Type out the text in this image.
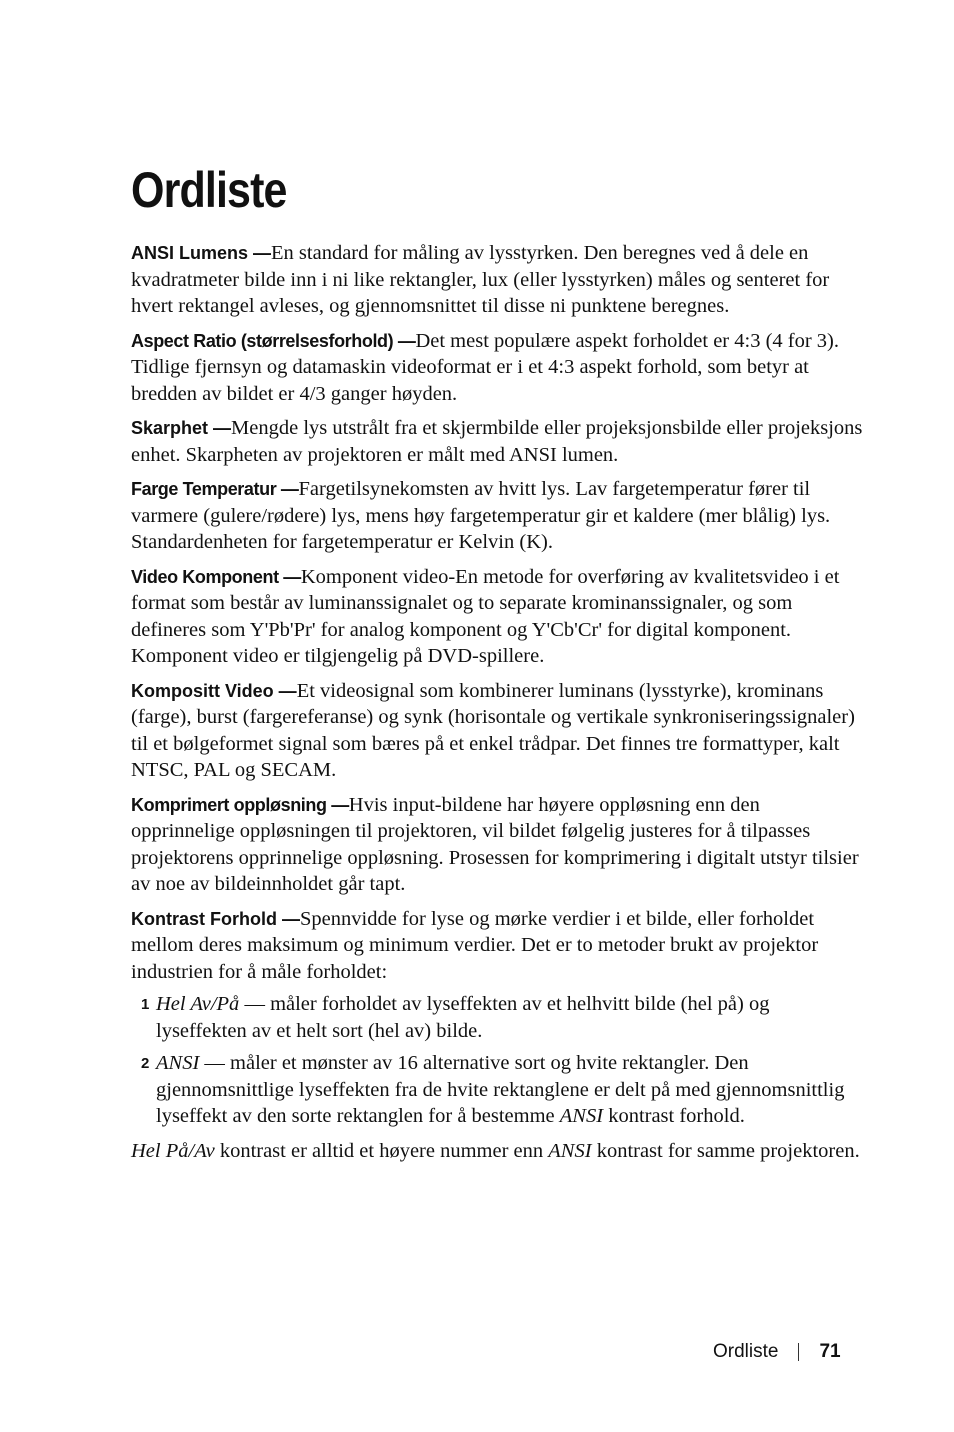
Ordliste

ANSI Lumens —En standard for måling av lysstyrken. Den beregnes ved å dele en kvadratmeter bilde inn i ni like rektangler, lux (eller lysstyrken) måles og senteret for hvert rektangel avleses, og gjennomsnittet til disse ni punktene beregnes.

Aspect Ratio (størrelsesforhold) —Det mest populære aspekt forholdet er 4:3 (4 for 3). Tidlige fjernsyn og datamaskin videoformat er i et 4:3 aspekt forhold, som betyr at bredden av bildet er 4/3 ganger høyden.

Skarphet —Mengde lys utstrålt fra et skjermbilde eller projeksjonsbilde eller projeksjons enhet. Skarpheten av projektoren er målt med ANSI lumen.

Farge Temperatur —Fargetilsynekomsten av hvitt lys. Lav fargetemperatur fører til varmere (gulere/rødere) lys, mens høy fargetemperatur gir et kaldere (mer blålig) lys. Standardenheten for fargetemperatur er Kelvin (K).

Video Komponent —Komponent video-En metode for overføring av kvalitetsvideo i et format som består av luminanssignalet og to separate krominanssignaler, og som defineres som Y'Pb'Pr' for analog komponent og Y'Cb'Cr' for digital komponent. Komponent video er tilgjengelig på DVD-spillere.

Kompositt Video —Et videosignal som kombinerer luminans (lysstyrke), krominans (farge), burst (fargereferanse) og synk (horisontale og vertikale synkroniseringssignaler) til et bølgeformet signal som bæres på et enkel trådpar. Det finnes tre formattyper, kalt NTSC, PAL og SECAM.

Komprimert oppløsning —Hvis input-bildene har høyere oppløsning enn den opprinnelige oppløsningen til projektoren, vil bildet følgelig justeres for å tilpasses projektorens opprinnelige oppløsning. Prosessen for komprimering i digitalt utstyr tilsier av noe av bildeinnholdet går tapt.

Kontrast Forhold —Spennvidde for lyse og mørke verdier i et bilde, eller forholdet mellom deres maksimum og minimum verdier. Det er to metoder brukt av projektor industrien for å måle forholdet:

1 Hel Av/På — måler forholdet av lyseffekten av et helhvitt bilde (hel på) og lyseffekten av et helt sort (hel av) bilde.
2 ANSI — måler et mønster av 16 alternative sort og hvite rektangler. Den gjennomsnittlige lyseffekten fra de hvite rektanglene er delt på med gjennomsnittlig lyseffekt av den sorte rektanglen for å bestemme ANSI kontrast forhold.

Hel På/Av kontrast er alltid et høyere nummer enn ANSI kontrast for samme projektoren.

Ordliste 71
